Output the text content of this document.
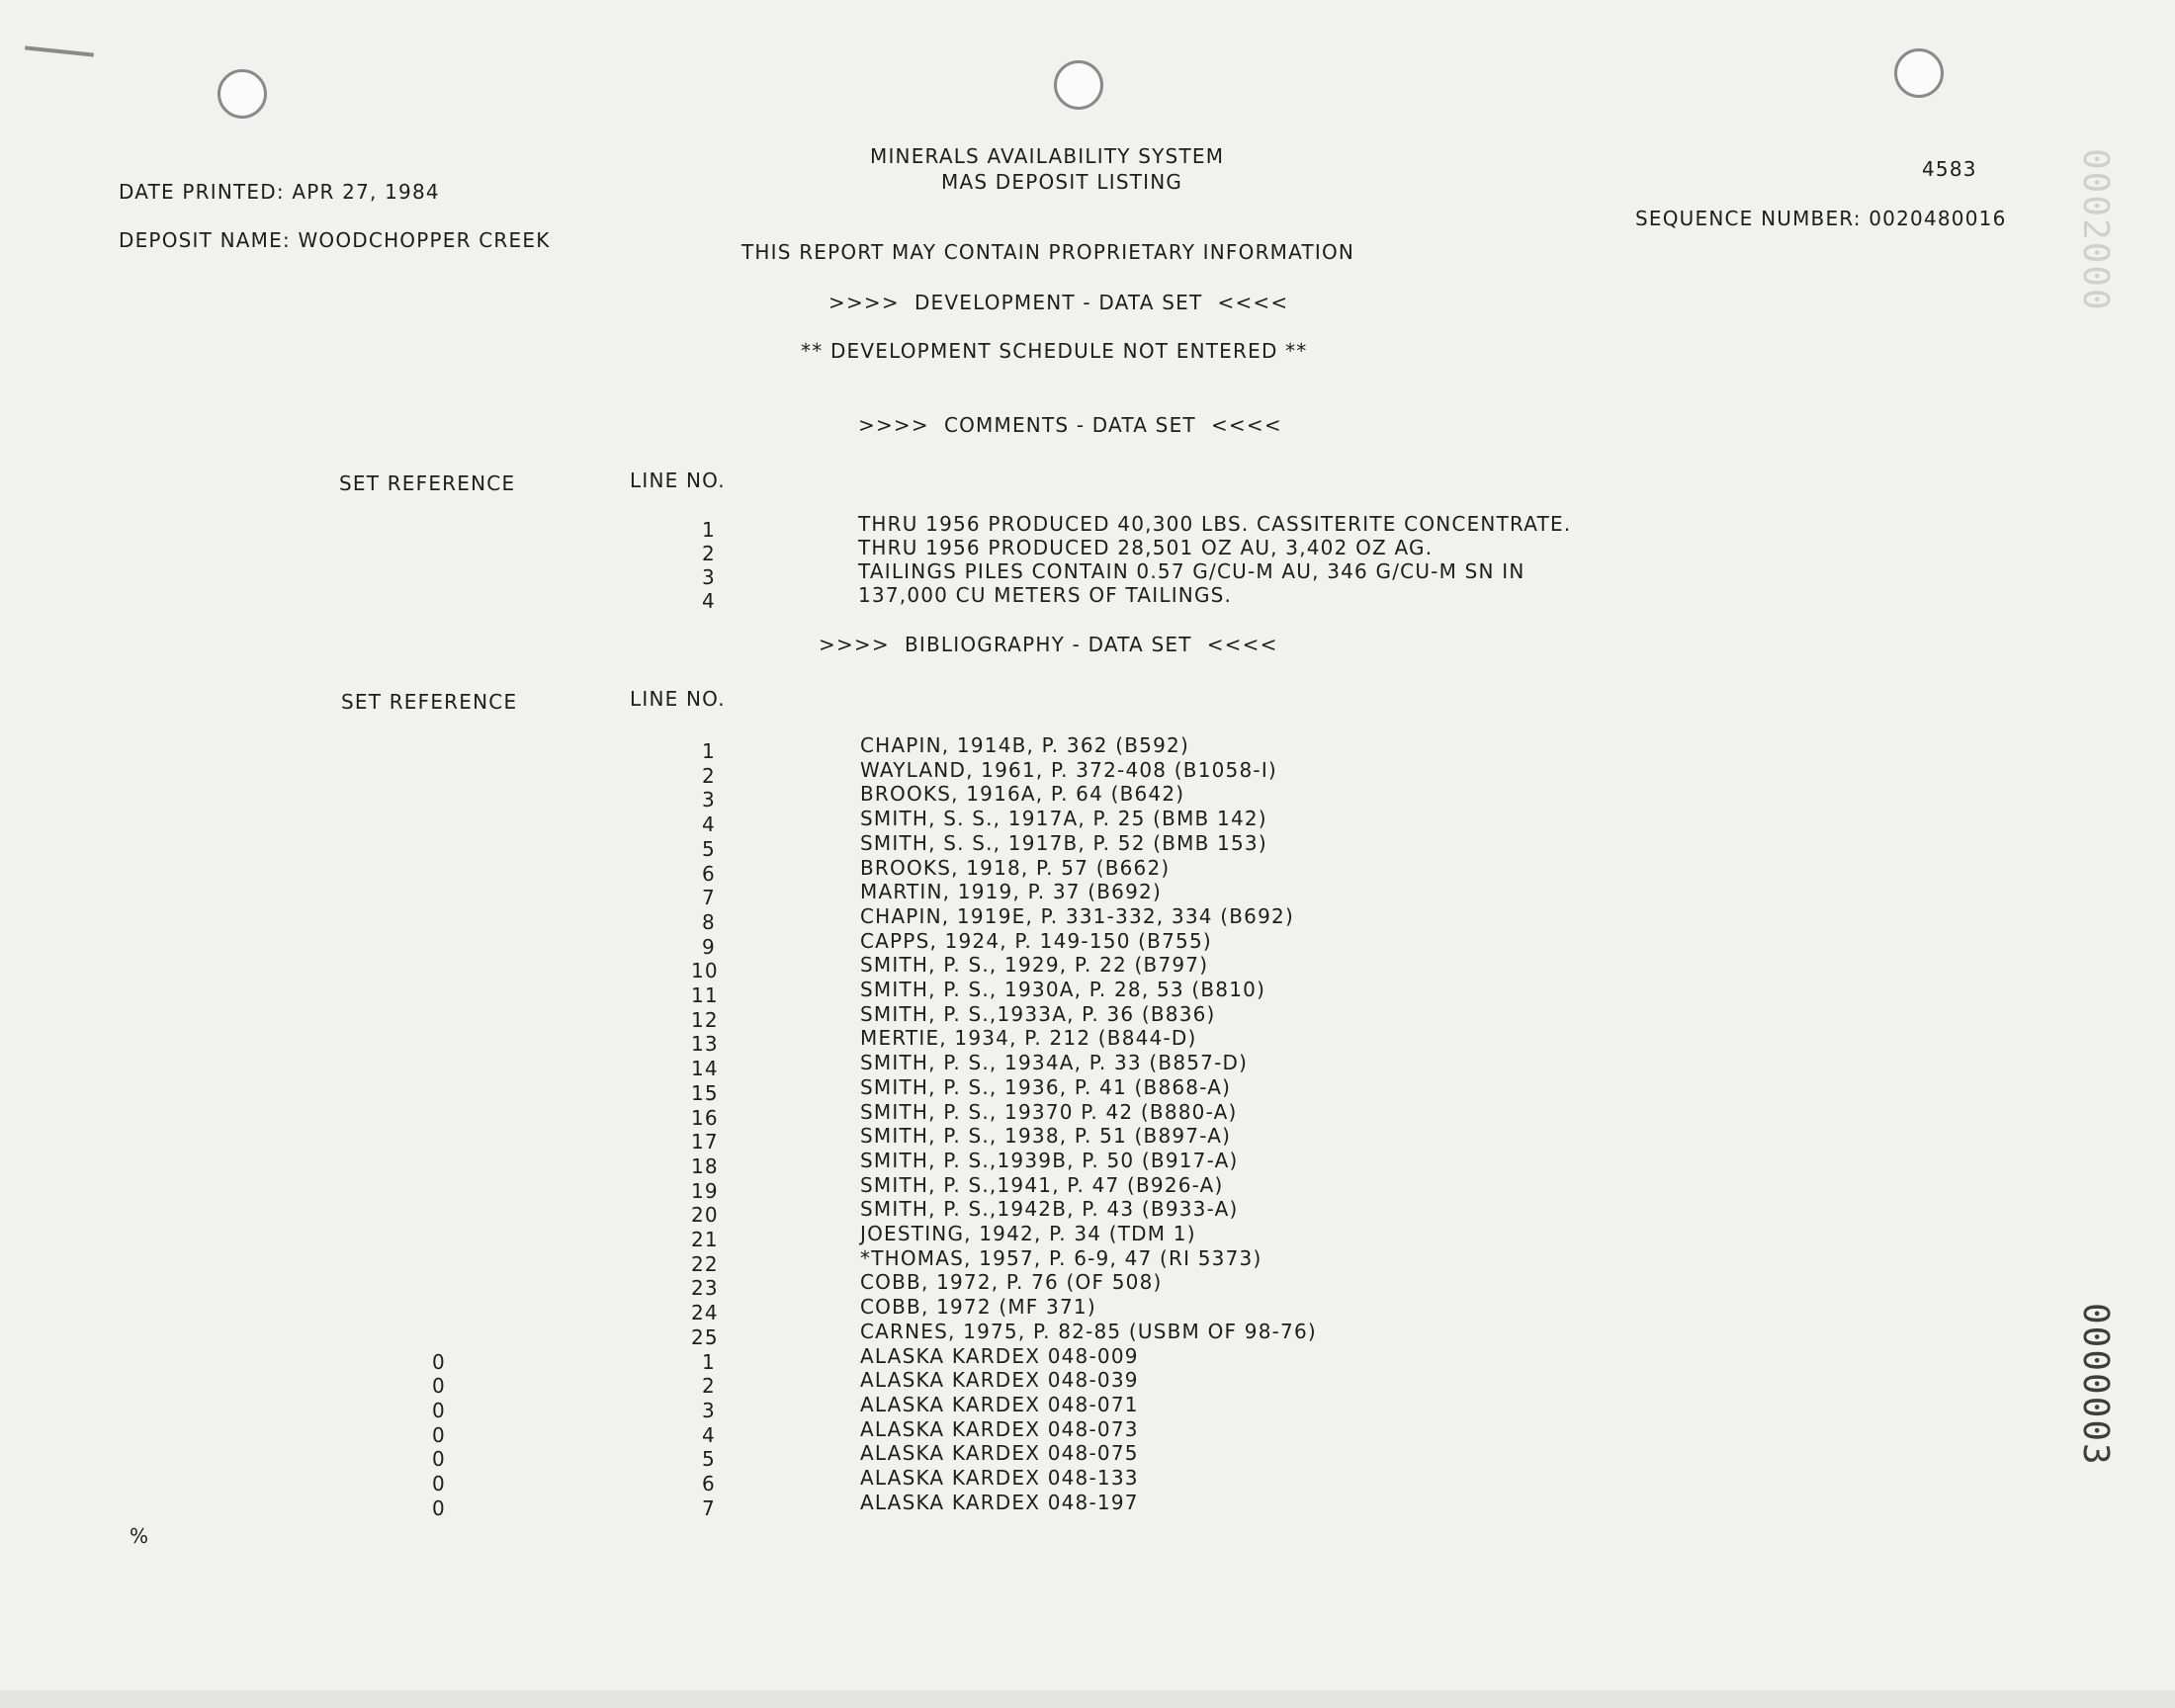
MINERALS AVAILABILITY SYSTEM
MAS DEPOSIT LISTING
4583
DATE PRINTED: APR 27, 1984
DEPOSIT NAME: WOODCHOPPER CREEK
SEQUENCE NUMBER: 0020480016
THIS REPORT MAY CONTAIN PROPRIETARY INFORMATION
>>>>  DEVELOPMENT - DATA SET  <<<<
** DEVELOPMENT SCHEDULE NOT ENTERED **
>>>>  COMMENTS - DATA SET  <<<<
SET REFERENCE	LINE NO.
1	THRU 1956 PRODUCED 40,300 LBS. CASSITERITE CONCENTRATE.
2	THRU 1956 PRODUCED 28,501 OZ AU, 3,402 OZ AG.
3	TAILINGS PILES CONTAIN 0.57 G/CU-M AU, 346 G/CU-M SN IN
4	137,000 CU METERS OF TAILINGS.
>>>>  BIBLIOGRAPHY - DATA SET  <<<<
SET REFERENCE	LINE NO.
1	CHAPIN, 1914B, P. 362 (B592)
2	WAYLAND, 1961, P. 372-408 (B1058-I)
3	BROOKS, 1916A, P. 64 (B642)
4	SMITH, S. S., 1917A, P. 25 (BMB 142)
5	SMITH, S. S., 1917B, P. 52 (BMB 153)
6	BROOKS, 1918, P. 57 (B662)
7	MARTIN, 1919, P. 37 (B692)
8	CHAPIN, 1919E, P. 331-332, 334 (B692)
9	CAPPS, 1924, P. 149-150 (B755)
10	SMITH, P. S., 1929, P. 22 (B797)
11	SMITH, P. S., 1930A, P. 28, 53 (B810)
12	SMITH, P. S.,1933A, P. 36 (B836)
13	MERTIE, 1934, P. 212 (B844-D)
14	SMITH, P. S., 1934A, P. 33 (B857-D)
15	SMITH, P. S., 1936, P. 41 (B868-A)
16	SMITH, P. S., 19370 P. 42 (B880-A)
17	SMITH, P. S., 1938, P. 51 (B897-A)
18	SMITH, P. S.,1939B, P. 50 (B917-A)
19	SMITH, P. S.,1941, P. 47 (B926-A)
20	SMITH, P. S.,1942B, P. 43 (B933-A)
21	JOESTING, 1942, P. 34 (TDM 1)
22	*THOMAS, 1957, P. 6-9, 47 (RI 5373)
23	COBB, 1972, P. 76 (OF 508)
24	COBB, 1972 (MF 371)
25	CARNES, 1975, P. 82-85 (USBM OF 98-76)
0	1	ALASKA KARDEX 048-009
0	2	ALASKA KARDEX 048-039
0	3	ALASKA KARDEX 048-071
0	4	ALASKA KARDEX 048-073
0	5	ALASKA KARDEX 048-075
0	6	ALASKA KARDEX 048-133
0	7	ALASKA KARDEX 048-197
%
0002000
0000003
